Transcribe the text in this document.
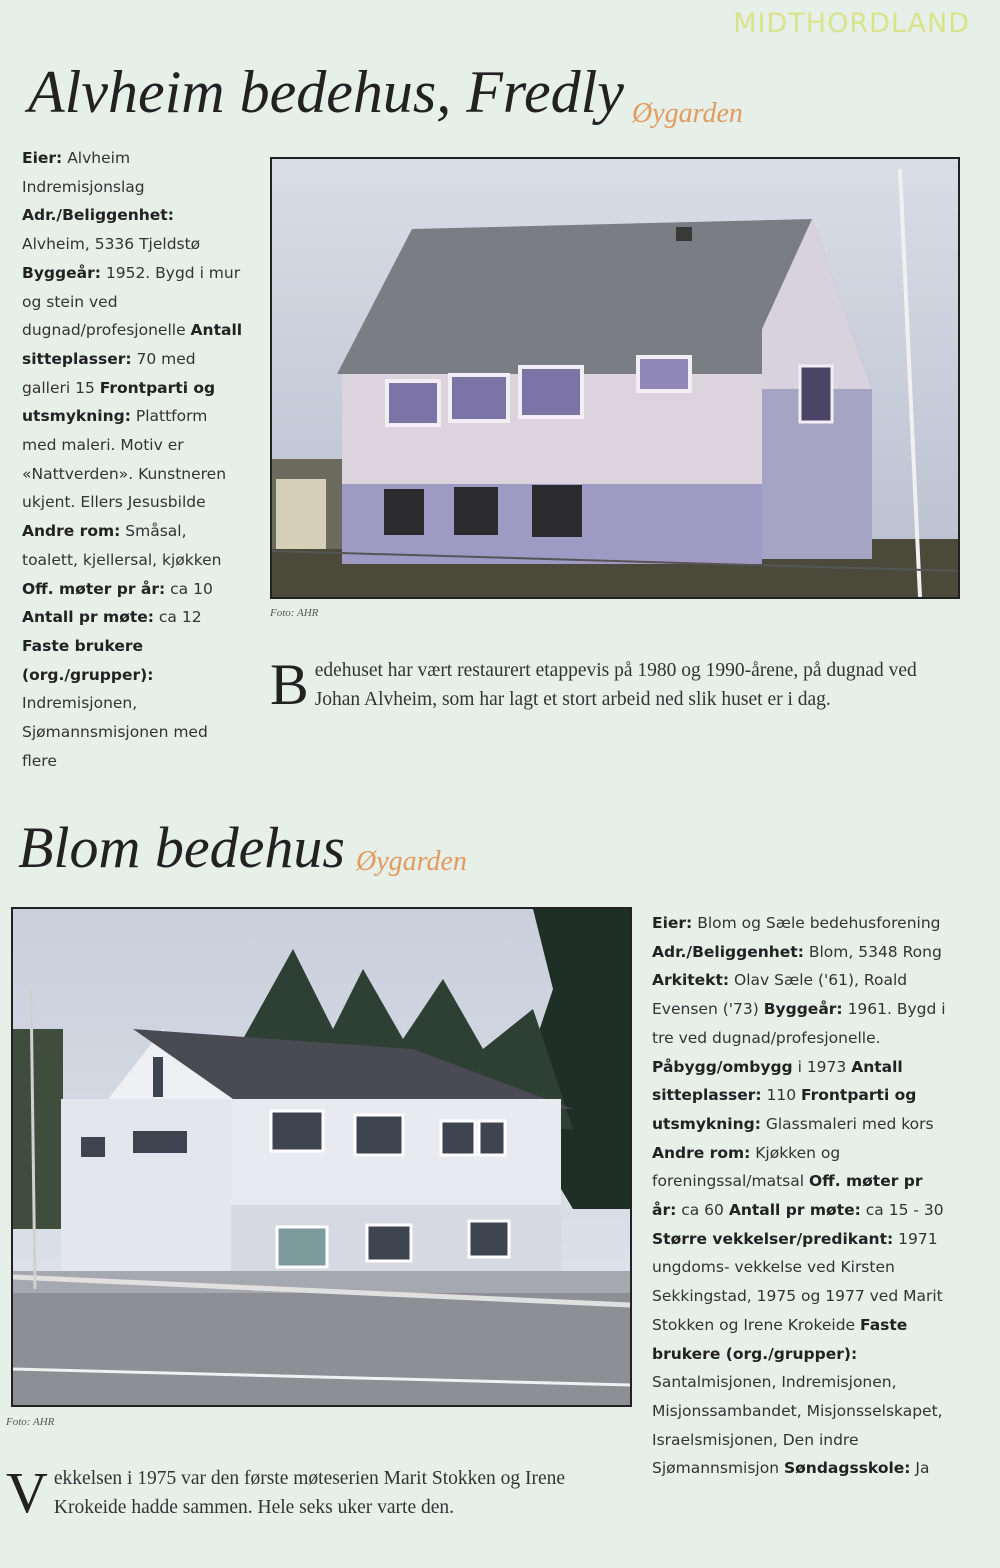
MIDTHORDLAND
Alvheim bedehus, Fredly Øygarden
Eier: Alvheim Indremisjonslag Adr./Beliggenhet: Alvheim, 5336 Tjeldstø Byggeår: 1952. Bygd i mur og stein ved dugnad/profesjonelle Antall sitteplasser: 70 med galleri 15 Frontparti og utsmykning: Plattform med maleri. Motiv er «Nattverden». Kunstneren ukjent. Ellers Jesusbilde Andre rom: Småsal, toalett, kjellersal, kjøkken Off. møter pr år: ca 10 Antall pr møte: ca 12 Faste brukere (org./grupper): Indremisjonen, Sjømannsmisjonen med flere
Foto: AHR
Bedehuset har vært restaurert etappevis på 1980 og 1990-årene, på dugnad ved Johan Alvheim, som har lagt et stort arbeid ned slik huset er i dag.
Blom bedehus Øygarden
Foto: AHR
Eier: Blom og Sæle bedehusforening Adr./Beliggenhet: Blom, 5348 Rong Arkitekt: Olav Sæle ('61), Roald Evensen ('73) Byggeår: 1961. Bygd i tre ved dugnad/profesjonelle. Påbygg/ombygg i 1973 Antall sitteplasser: 110 Frontparti og utsmykning: Glassmaleri med kors Andre rom: Kjøkken og foreningssal/matsal Off. møter pr år: ca 60 Antall pr møte: ca 15 - 30 Større vekkelser/predikant: 1971 ungdoms- vekkelse ved Kirsten Sekkingstad, 1975 og 1977 ved Marit Stokken og Irene Krokeide Faste brukere (org./grupper): Santalmisjonen, Indremisjonen, Misjonssambandet, Misjonsselskapet, Israelsmisjonen, Den indre Sjømannsmisjon Søndagsskole: Ja
Vekkelsen i 1975 var den første møteserien Marit Stokken og Irene Krokeide hadde sammen. Hele seks uker varte den.
